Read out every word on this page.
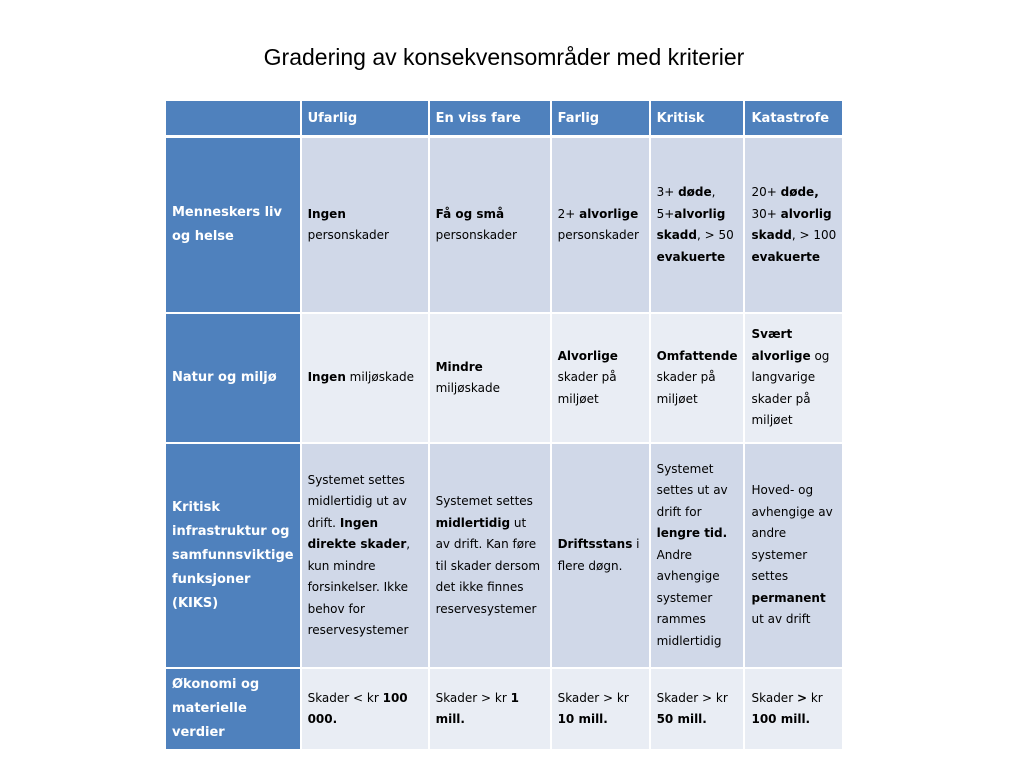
Gradering av konsekvensområder med kriterier
	Ufarlig	En viss fare	Farlig	Kritisk	Katastrofe
Menneskers liv og helse	Ingen personskader	Få og små personskader	2+ alvorlige personskader	3+ døde, 5+alvorlig skadd, > 50 evakuerte	20+ døde, 30+ alvorlig skadd, > 100 evakuerte
Natur og miljø	Ingen miljøskade	Mindre miljøskade	Alvorlige skader på miljøet	Omfattende skader på miljøet	Svært alvorlige og langvarige skader på miljøet
Kritisk infrastruktur og samfunnsviktige funksjoner (KIKS)	Systemet settes midlertidig ut av drift. Ingen direkte skader, kun mindre forsinkelser. Ikke behov for reservesystemer	Systemet settes midlertidig ut av drift. Kan føre til skader dersom det ikke finnes reservesystemer	Driftsstans i flere døgn.	Systemet settes ut av drift for lengre tid. Andre avhengige systemer rammes midlertidig	Hoved- og avhengige av andre systemer settes permanent ut av drift
Økonomi og materielle verdier	Skader < kr 100 000.	Skader > kr 1 mill.	Skader > kr 10 mill.	Skader > kr 50 mill.	Skader > kr 100 mill.
